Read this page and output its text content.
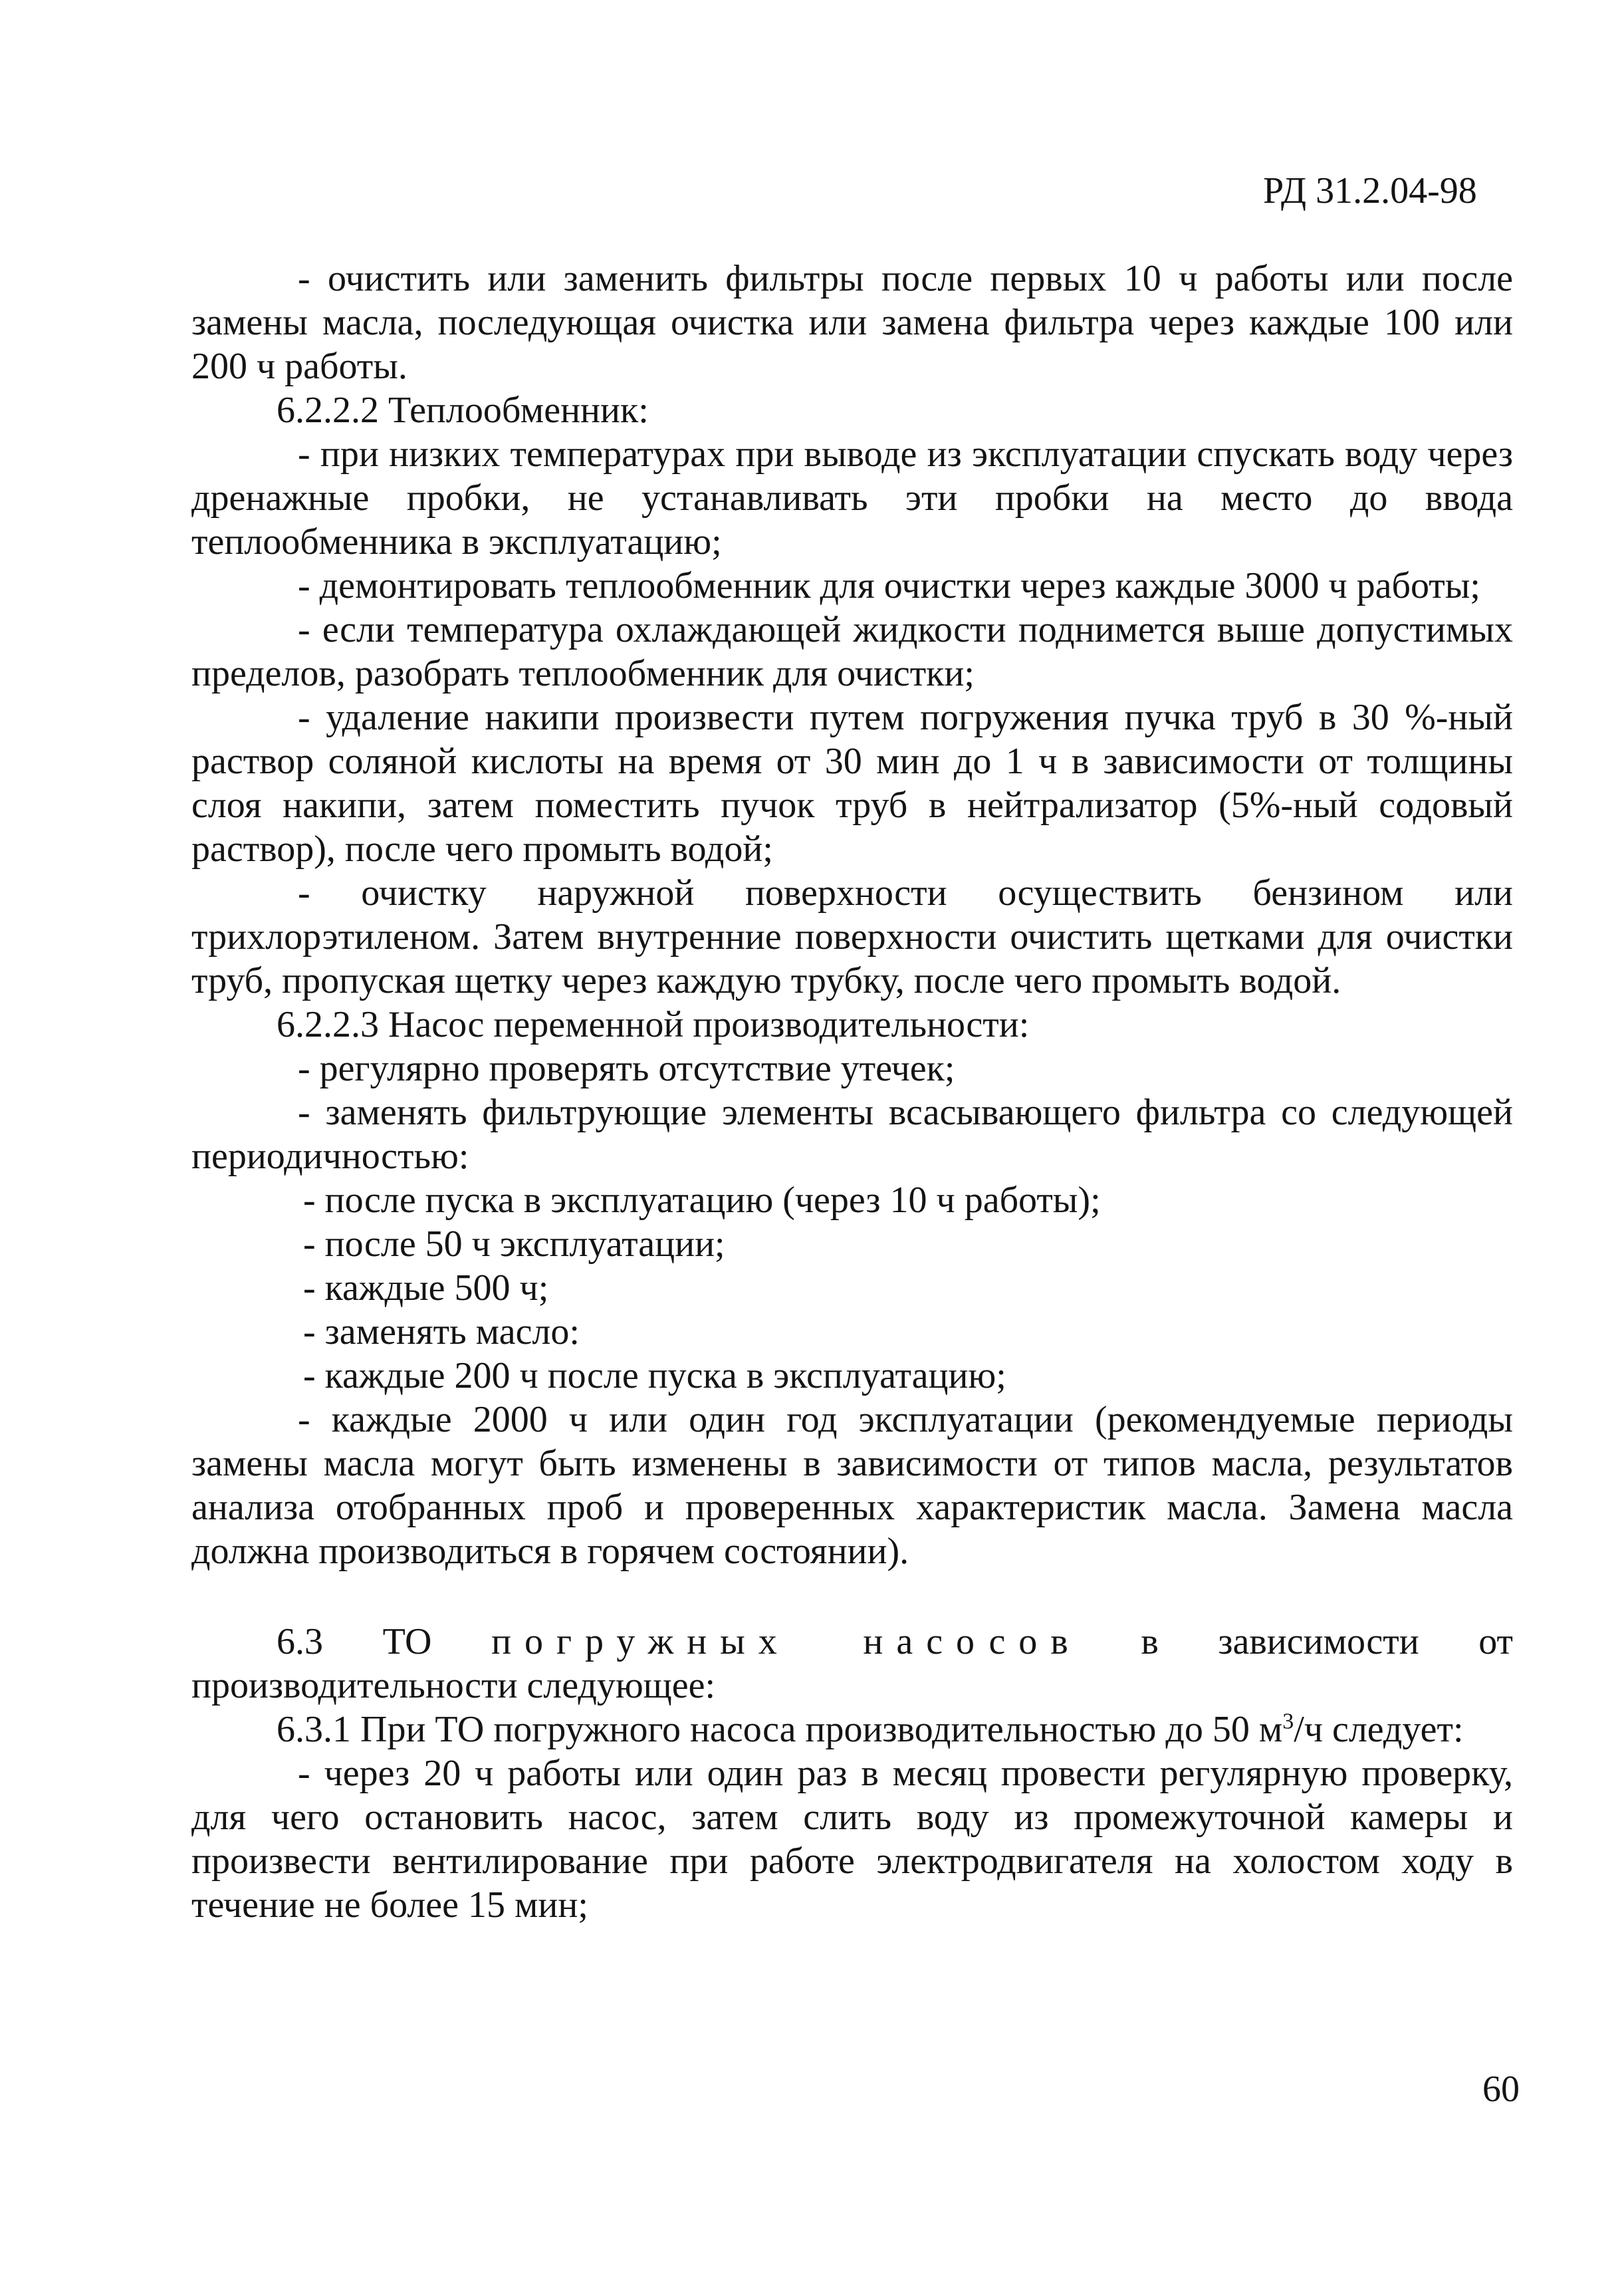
РД 31.2.04-98

- очистить или заменить фильтры после первых 10 ч работы или после замены масла, последующая очистка или замена фильтра через каждые 100 или 200 ч работы.

6.2.2.2 Теплообменник:

- при низких температурах при выводе из эксплуатации спускать воду через дренажные пробки, не устанавливать эти пробки на место до ввода теплообменника в эксплуатацию;

- демонтировать теплообменник для очистки через каждые 3000 ч работы;

- если температура охлаждающей жидкости поднимется выше допустимых пределов, разобрать теплообменник для очистки;

- удаление накипи произвести путем погружения пучка труб в 30 %-ный раствор соляной кислоты на время от 30 мин до 1 ч в зависимости от толщины слоя накипи, затем поместить пучок труб в нейтрализатор (5%-ный содовый раствор), после чего промыть водой;

- очистку наружной поверхности осуществить бензином или трихлорэтиленом. Затем внутренние поверхности очистить щетками для очистки труб, пропуская щетку через каждую трубку, после чего промыть водой.

6.2.2.3 Насос переменной производительности:

- регулярно проверять отсутствие утечек;

- заменять фильтрующие элементы всасывающего фильтра со следующей периодичностью:

- после пуска в эксплуатацию (через 10 ч работы);

- после 50 ч эксплуатации;

- каждые 500 ч;

- заменять масло:

- каждые 200 ч после пуска в эксплуатацию;

- каждые 2000 ч или один год эксплуатации (рекомендуемые периоды замены масла могут быть изменены в зависимости от типов масла, результатов анализа отобранных проб и проверенных характеристик масла. Замена масла должна производиться в горячем состоянии).

6.3 ТО погружных насосов в зависимости от производительности следующее:

6.3.1 При ТО погружного насоса производительностью до 50 $м^3/ч$ следует:

- через 20 ч работы или один раз в месяц провести регулярную проверку, для чего остановить насос, затем слить воду из промежуточной камеры и произвести вентилирование при работе электродвигателя на холостом ходу в течение не более 15 мин;

60
